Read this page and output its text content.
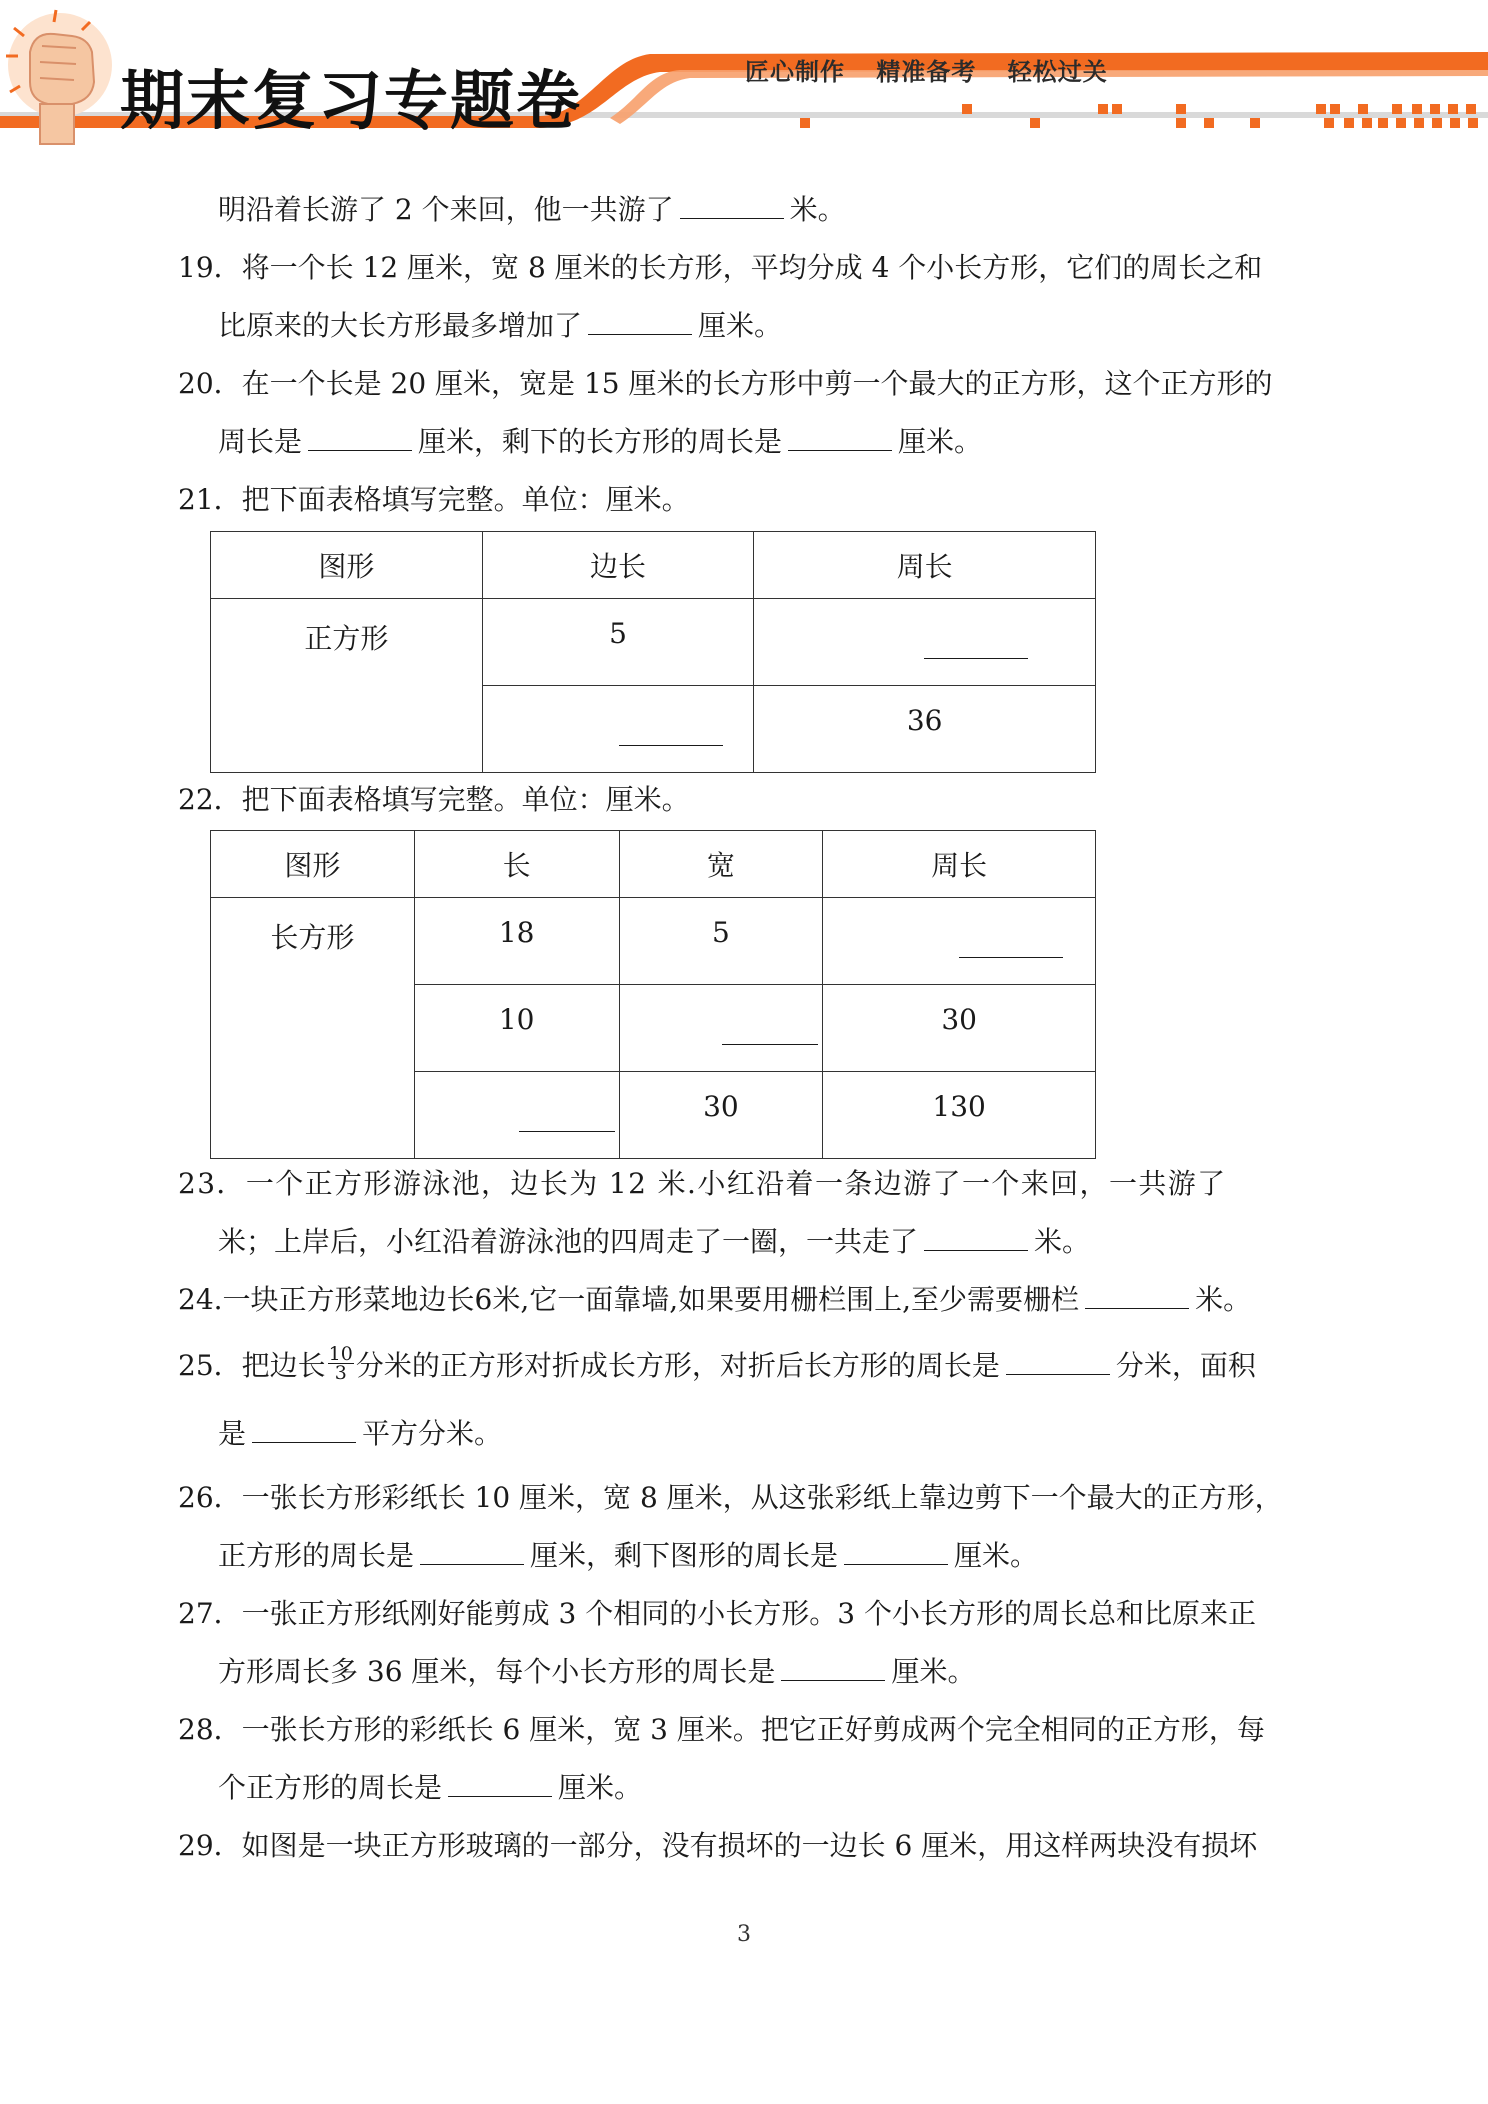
期末复习专题卷	匠心制作 精准备考 轻松过关
明沿着长游了 2 个来回，他一共游了	米。
19．将一个长 12 厘米，宽 8 厘米的长方形，平均分成 4 个小长方形，它们的周长之和
比原来的大长方形最多增加了	厘米。
20．在一个长是 20 厘米，宽是 15 厘米的长方形中剪一个最大的正方形，这个正方形的
周长是	厘米，剩下的长方形的周长是	厘米。
21．把下面表格填写完整。单位：厘米。
图形	边长	周长

正方形	5	

		36
22．把下面表格填写完整。单位：厘米。
图形	长	宽	周长

长方形	18	5	

	10		30

		30	130
23．一个正方形游泳池，边长为 12 米.小红沿着一条边游了一个来回，一共游了
米；上岸后，小红沿着游泳池的四周走了一圈，一共走了	米。
24.一块正方形菜地边长6米,它一面靠墙,如果要用栅栏围上,至少需要栅栏	米。
25．把边长 $\frac{10}{3}$ 分米的正方形对折成长方形，对折后长方形的周长是	分米，面积
是	平方分米。
26．一张长方形彩纸长 10 厘米，宽 8 厘米，从这张彩纸上靠边剪下一个最大的正方形，
正方形的周长是	厘米，剩下图形的周长是	厘米。
27．一张正方形纸刚好能剪成 3 个相同的小长方形。3 个小长方形的周长总和比原来正
方形周长多 36 厘米，每个小长方形的周长是	厘米。
28．一张长方形的彩纸长 6 厘米，宽 3 厘米。把它正好剪成两个完全相同的正方形，每
个正方形的周长是	厘米。
29．如图是一块正方形玻璃的一部分，没有损坏的一边长 6 厘米，用这样两块没有损坏
3
